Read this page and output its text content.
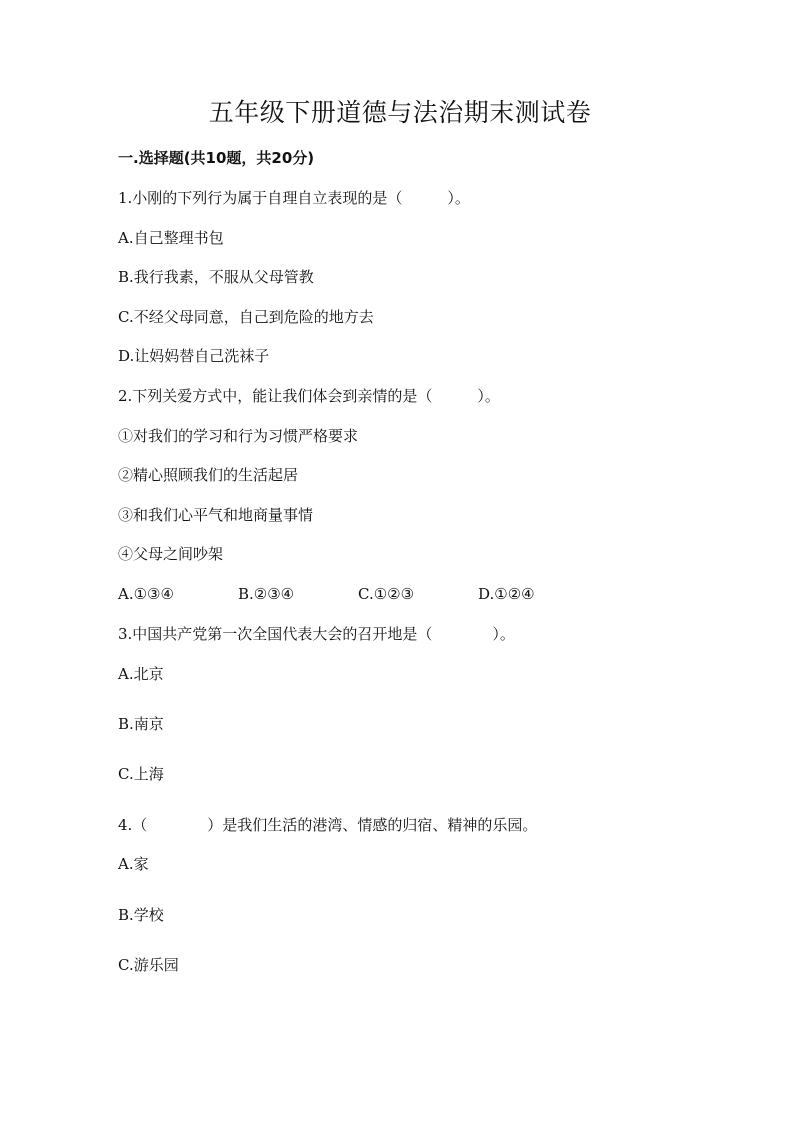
五年级下册道德与法治期末测试卷
一.选择题(共10题，共20分)
1.小刚的下列行为属于自理自立表现的是（　　　）。
A.自己整理书包
B.我行我素，不服从父母管教
C.不经父母同意，自己到危险的地方去
D.让妈妈替自己洗袜子
2.下列关爱方式中，能让我们体会到亲情的是（　　　）。
①对我们的学习和行为习惯严格要求
②精心照顾我们的生活起居
③和我们心平气和地商量事情
④父母之间吵架
A.①③④	B.②③④	C.①②③	D.①②④
3.中国共产党第一次全国代表大会的召开地是（　　　　）。
A.北京
B.南京
C.上海
4.（　　　　）是我们生活的港湾、情感的归宿、精神的乐园。
A.家
B.学校
C.游乐园
